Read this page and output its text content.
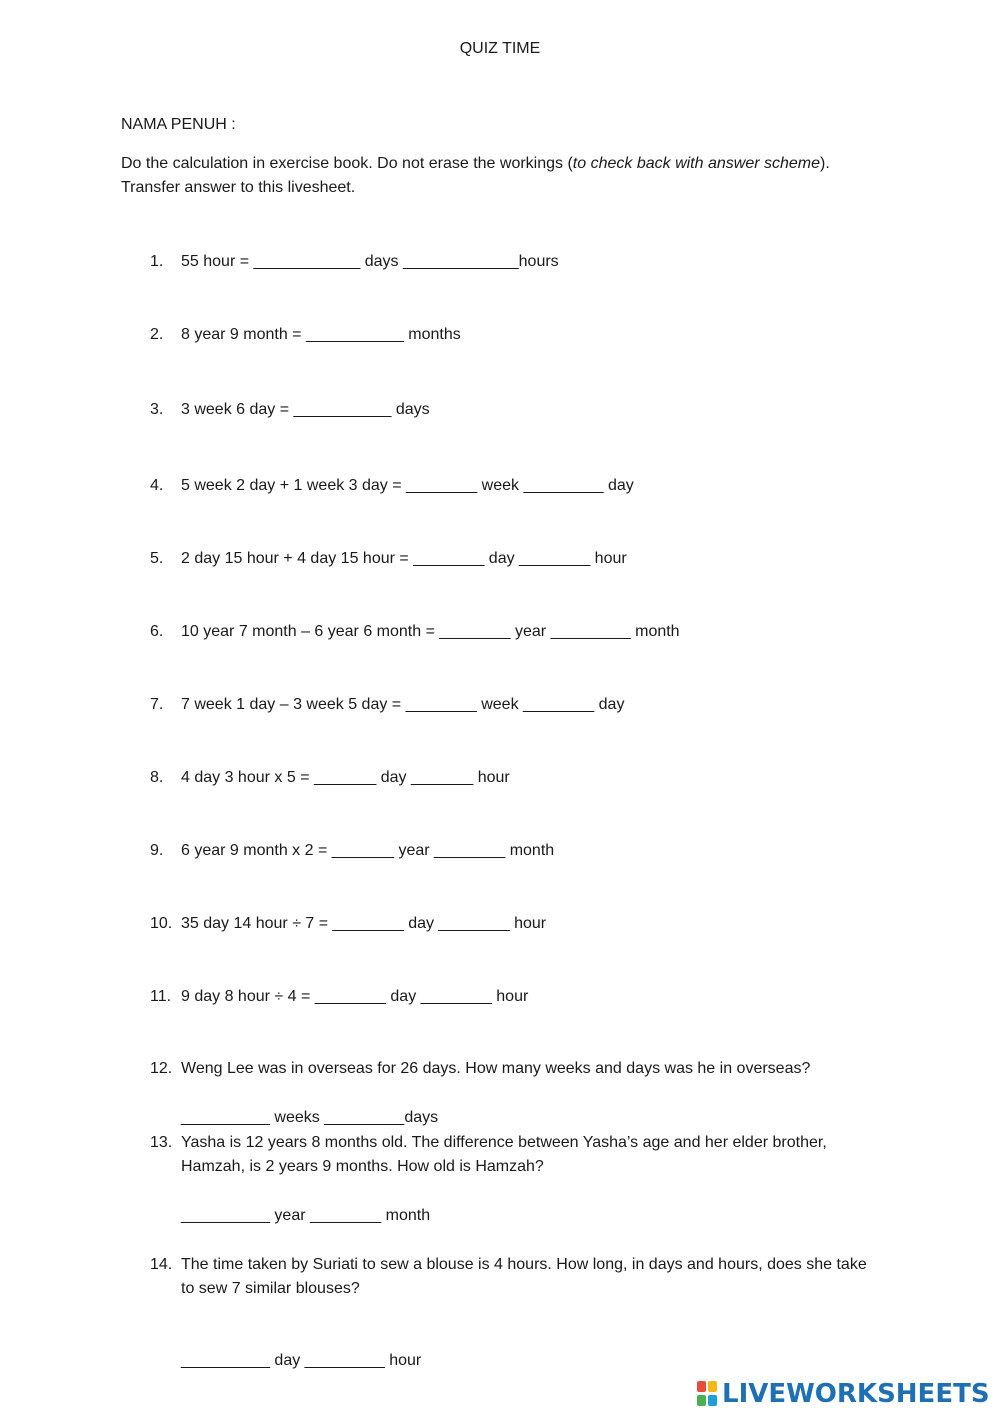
QUIZ TIME
NAMA PENUH :
Do the calculation in exercise book. Do not erase the workings (to check back with answer scheme). Transfer answer to this livesheet.
1.	55 hour = ____________ days _____________hours
2.	8 year 9 month = ___________ months
3.	3 week 6 day = ___________ days
4.	5 week 2 day + 1 week 3 day = ________ week _________ day
5.	2 day 15 hour + 4 day 15 hour = ________ day ________ hour
6.	10 year 7 month – 6 year 6 month = ________ year _________ month
7.	7 week 1 day – 3 week 5 day = ________ week ________ day
8.	4 day 3 hour x 5 = _______ day _______ hour
9.	6 year 9 month x 2 = _______ year ________ month
10. 35 day 14 hour ÷ 7 = ________ day ________ hour
11. 9 day 8 hour ÷ 4 = ________ day ________ hour
12. Weng Lee was in overseas for 26 days. How many weeks and days was he in overseas?
__________ weeks _________days
13. Yasha is 12 years 8 months old. The difference between Yasha’s age and her elder brother, Hamzah, is 2 years 9 months. How old is Hamzah?
__________ year ________ month
14. The time taken by Suriati to sew a blouse is 4 hours. How long, in days and hours, does she take to sew 7 similar blouses?
__________ day _________ hour
LIVEWORKSHEETS
